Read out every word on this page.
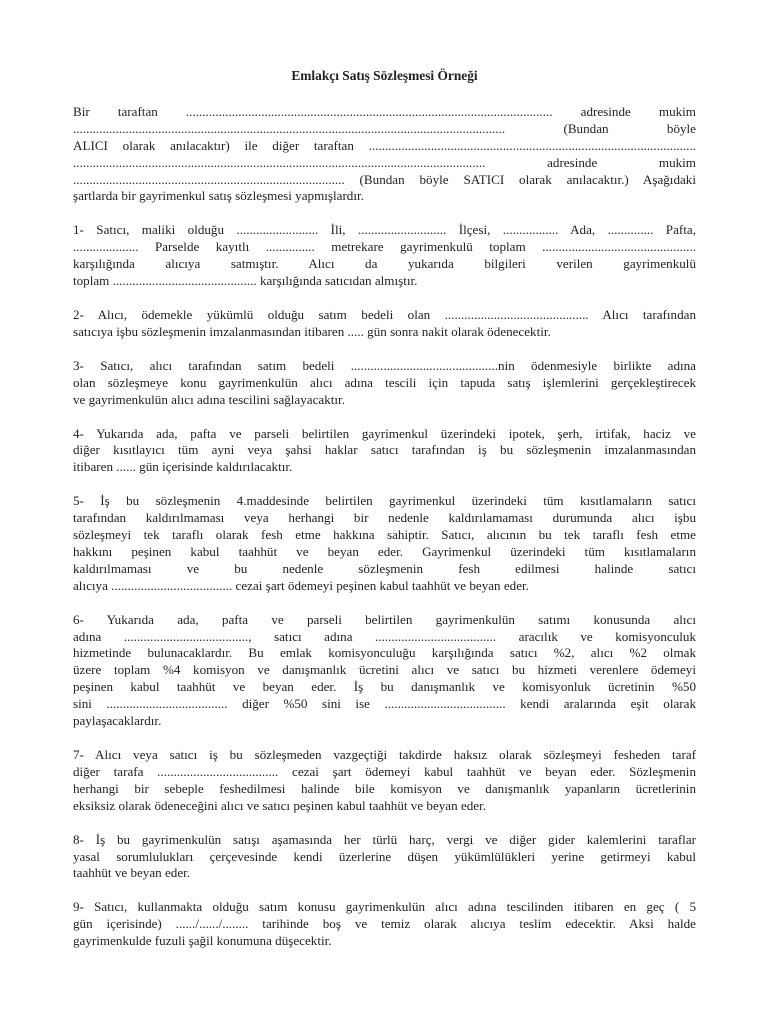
Emlakçı Satış Sözleşmesi Örneği
Bir taraftan ................................................................................................................ adresinde mukim
.................................................................................................................................... (Bundan böyle
ALICI olarak anılacaktır) ile diğer taraftan ....................................................................................................
.............................................................................................................................. adresinde mukim
................................................................................... (Bundan böyle SATICI olarak anılacaktır.) Aşağıdaki
şartlarda bir gayrimenkul satış sözleşmesi yapmışlardır.
1- Satıcı, maliki olduğu ......................... İli, ........................... İlçesi, ................. Ada, .............. Pafta,
.................... Parselde kayıtlı ............... metrekare gayrimenkulü toplam ...............................................
karşılığında alıcıya satmıştır. Alıcı da yukarıda bilgileri verilen gayrimenkulü
toplam ............................................ karşılığında satıcıdan almıştır.
2- Alıcı, ödemekle yükümlü olduğu satım bedeli olan ............................................ Alıcı tarafından
satıcıya işbu sözleşmenin imzalanmasından itibaren ..... gün sonra nakit olarak ödenecektir.
3- Satıcı, alıcı tarafından satım bedeli .............................................nin ödenmesiyle birlikte adına
olan sözleşmeye konu gayrimenkulün alıcı adına tescili için tapuda satış işlemlerini gerçekleştirecek
ve gayrimenkulün alıcı adına tescilini sağlayacaktır.
4- Yukarıda ada, pafta ve parseli belirtilen gayrimenkul üzerindeki ipotek, şerh, irtifak, haciz ve
diğer kısıtlayıcı tüm ayni veya şahsi haklar satıcı tarafından iş bu sözleşmenin imzalanmasından
itibaren ...... gün içerisinde kaldırılacaktır.
5- İş bu sözleşmenin 4.maddesinde belirtilen gayrimenkul üzerindeki tüm kısıtlamaların satıcı
tarafından kaldırılmaması veya herhangi bir nedenle kaldırılamaması durumunda alıcı işbu
sözleşmeyi tek taraflı olarak fesh etme hakkına sahiptir. Satıcı, alıcının bu tek taraflı fesh etme
hakkını peşinen kabul taahhüt ve beyan eder. Gayrimenkul üzerindeki tüm kısıtlamaların
kaldırılmaması ve bu nedenle sözleşmenin fesh edilmesi halinde satıcı
alıcıya ..................................... cezai şart ödemeyi peşinen kabul taahhüt ve beyan eder.
6- Yukarıda ada, pafta ve parseli belirtilen gayrimenkulün satımı konusunda alıcı
adına ......................................, satıcı adına ..................................... aracılık ve komisyonculuk
hizmetinde bulunacaklardır. Bu emlak komisyonculuğu karşılığında satıcı %2, alıcı %2 olmak
üzere toplam %4 komisyon ve danışmanlık ücretini alıcı ve satıcı bu hizmeti verenlere ödemeyi
peşinen kabul taahhüt ve beyan eder. İş bu danışmanlık ve komisyonluk ücretinin %50
sini ..................................... diğer %50 sini ise ..................................... kendi aralarında eşit olarak
paylaşacaklardır.
7- Alıcı veya satıcı iş bu sözleşmeden vazgeçtiği takdirde haksız olarak sözleşmeyi fesheden taraf
diğer tarafa ..................................... cezai şart ödemeyi kabul taahhüt ve beyan eder. Sözleşmenin
herhangi bir sebeple feshedilmesi halinde bile komisyon ve danışmanlık yapanların ücretlerinin
eksiksiz olarak ödeneceğini alıcı ve satıcı peşinen kabul taahhüt ve beyan eder.
8- İş bu gayrimenkulün satışı aşamasında her türlü harç, vergi ve diğer gider kalemlerini taraflar
yasal sorumlulukları çerçevesinde kendi üzerlerine düşen yükümlülükleri yerine getirmeyi kabul
taahhüt ve beyan eder.
9- Satıcı, kullanmakta olduğu satım konusu gayrimenkulün alıcı adına tescilinden itibaren en geç ( 5
gün içerisinde) ....../....../........ tarihinde boş ve temiz olarak alıcıya teslim edecektir. Aksi halde
gayrimenkulde fuzuli şağil konumuna düşecektir.
